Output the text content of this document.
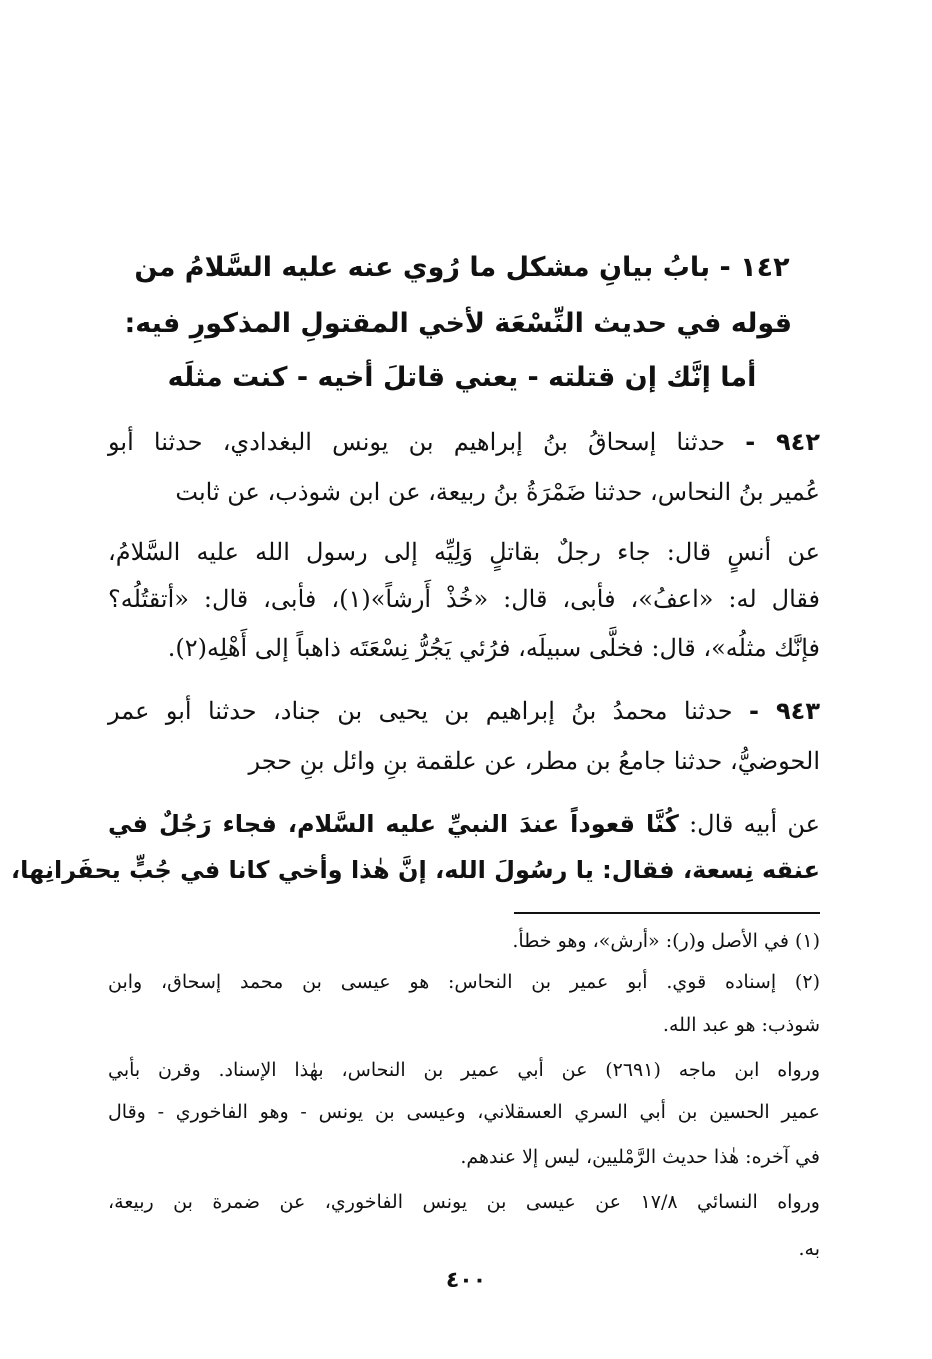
١٤٢ - بابُ بيانِ مشكل ما رُوي عنه عليه السَّلامُ من
قوله في حديث النِّسْعَة لأخي المقتولِ المذكورِ فيه:
أما إنَّك إن قتلته - يعني قاتلَ أخيه - كنت مثلَه
٩٤٢ - حدثنا إسحاقُ بنُ إبراهيم بن يونس البغدادي، حدثنا أبو
عُمير بنُ النحاس، حدثنا ضَمْرَةُ بنُ ربيعة، عن ابن شوذب، عن ثابت
عن أنسٍ قال: جاء رجلٌ بقاتلٍ وَلِيِّه إلى رسول الله عليه السَّلامُ،
فقال له: «اعفُ»، فأبى، قال: «خُذْ أَرشاً»(١)، فأبى، قال: «أتقتُلُه؟
فإنَّك مثلُه»، قال: فخلَّى سبيلَه، فرُئي يَجُرُّ نِسْعَتَه ذاهباً إلى أَهْلِه(٢).
٩٤٣ - حدثنا محمدُ بنُ إبراهيم بن يحيى بن جناد، حدثنا أبو عمر
الحوضيُّ، حدثنا جامعُ بن مطر، عن علقمة بنِ وائل بنِ حجر
عن أبيه قال: كُنَّا قعوداً عندَ النبيِّ عليه السَّلام، فجاء رَجُلٌ في
عنقه نِسعة، فقال: يا رسُولَ الله، إنَّ هٰذا وأخي كانا في جُبٍّ يحفَرانِها،
(١) في الأصل و(ر): «أرش»، وهو خطأ.
(٢) إسناده قوي. أبو عمير بن النحاس: هو عيسى بن محمد إسحاق، وابن
شوذب: هو عبد الله.
ورواه ابن ماجه (٢٦٩١) عن أبي عمير بن النحاس، بهٰذا الإسناد. وقرن بأبي
عمير الحسين بن أبي السري العسقلاني، وعيسى بن يونس - وهو الفاخوري - وقال
في آخره: هٰذا حديث الرَّمْليين، ليس إلا عندهم.
ورواه النسائي ١٧/٨ عن عيسى بن يونس الفاخوري، عن ضمرة بن ربيعة،
به.
٤٠٠
